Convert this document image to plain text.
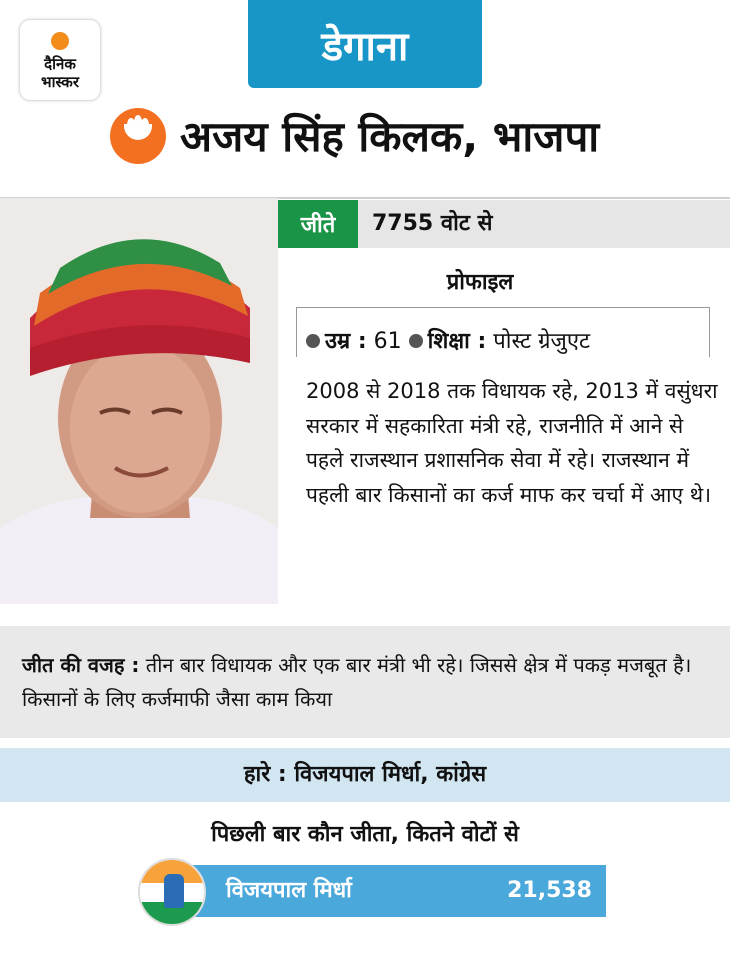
दैनिक
भास्कर
डेगाना
अजय सिंह किलक, भाजपा
जीते	7755 वोट से
प्रोफाइल
उम्र : 61 शिक्षा : पोस्ट ग्रेजुएट
2008 से 2018 तक विधायक रहे, 2013 में वसुंधरा सरकार में सहकारिता मंत्री रहे, राजनीति में आने से पहले राजस्थान प्रशासनिक सेवा में रहे। राजस्थान में पहली बार किसानों का कर्ज माफ कर चर्चा में आए थे।
जीत की वजह : तीन बार विधायक और एक बार मंत्री भी रहे। जिससे क्षेत्र में पकड़ मजबूत है। किसानों के लिए कर्जमाफी जैसा काम किया
हारे : विजयपाल मिर्धा, कांग्रेस
पिछली बार कौन जीता, कितने वोटों से
विजयपाल मिर्धा	21,538
